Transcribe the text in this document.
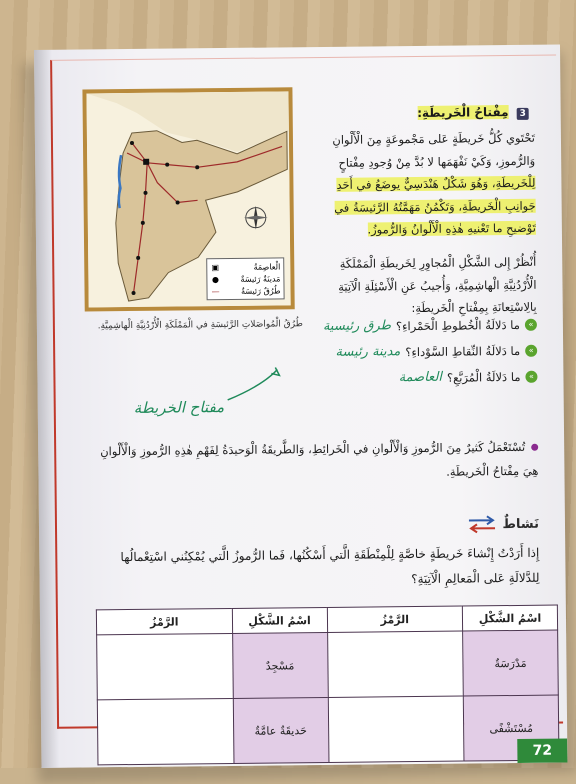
الْعاصِمَةُ
▣
مَدينَةٌ رَئيسَةٌ
●
طُرُقٌ رَئيسَةٌ
—
طُرُقُ الْمُواصَلاتِ الرَّئيسَةِ في الْمَمْلَكَةِ الْأُرْدُنِيَّةِ الْهاشِمِيَّةِ.
مفتاح الخريطة
3 مِفْتاحُ الْخَريطَةِ:
تَحْتَوي كُلُّ خَريطَةٍ عَلى مَجْموعَةٍ مِنَ الْأَلْوانِ
وَالرُّموزِ، وَكَيْ نَفْهَمَها لا بُدَّ مِنْ وُجودِ مِفْتاحٍ
لِلْخَريطَةِ، وَهُوَ شَكْلٌ هَنْدَسِيٌّ يوضَعُ في أَحَدِ
جَوانِبِ الْخَريطَةِ، وَتَكْمُنُ مَهَمَّتُهُ الرَّئيسَةُ في
تَوْضيحِ ما تَعْنيهِ هٰذِهِ الْأَلْوانُ وَالرُّموزُ.
أُنْظُرْ إِلى الشَّكْلِ الْمُجاوِرِ لِخَريطَةِ الْمَمْلَكَةِ
الْأُرْدُنِيَّةِ الْهاشِمِيَّةِ، وَأُجيبُ عَنِ الْأَسْئِلَةِ الْآتِيَةِ
بِالِاسْتِعانَةِ بِمِفْتاحِ الْخَريطَةِ:
»
ما دَلالَةُ الْخُطوطِ الْحَمْراءِ؟
طرق رئيسية
»
ما دَلالَةُ النِّقاطِ السَّوْداءِ؟
مدينة رئيسة
»
ما دَلالَةُ الْمُرَبَّعِ؟
العاصمة
تُسْتَعْمَلُ كَثيرٌ مِنَ الرُّموزِ وَالْأَلْوانِ في الْخَرائِطِ، وَالطَّريقَةُ الْوَحيدَةُ لِفَهْمِ هٰذِهِ الرُّموزِ وَالْأَلْوانِ
هِيَ مِفْتاحُ الْخَريطَةِ.
نَشاطٌ
إِذا أَرَدْتُ إِنْشاءَ خَريطَةٍ خاصَّةٍ لِلْمِنْطَقَةِ الَّتي أَسْكُنُها، فَما الرُّموزُ الَّتي يُمْكِنُني اسْتِعْمالُها
لِلدَّلالَةِ عَلى الْمَعالِمِ الْآتِيَةِ؟
اسْمُ الشَّكْلِ	الرَّمْزُ	اسْمُ الشَّكْلِ	الرَّمْزُ
مَدْرَسَةٌ		مَسْجِدٌ	
مُسْتَشْفًى		حَديقَةٌ عامَّةٌ	
72
